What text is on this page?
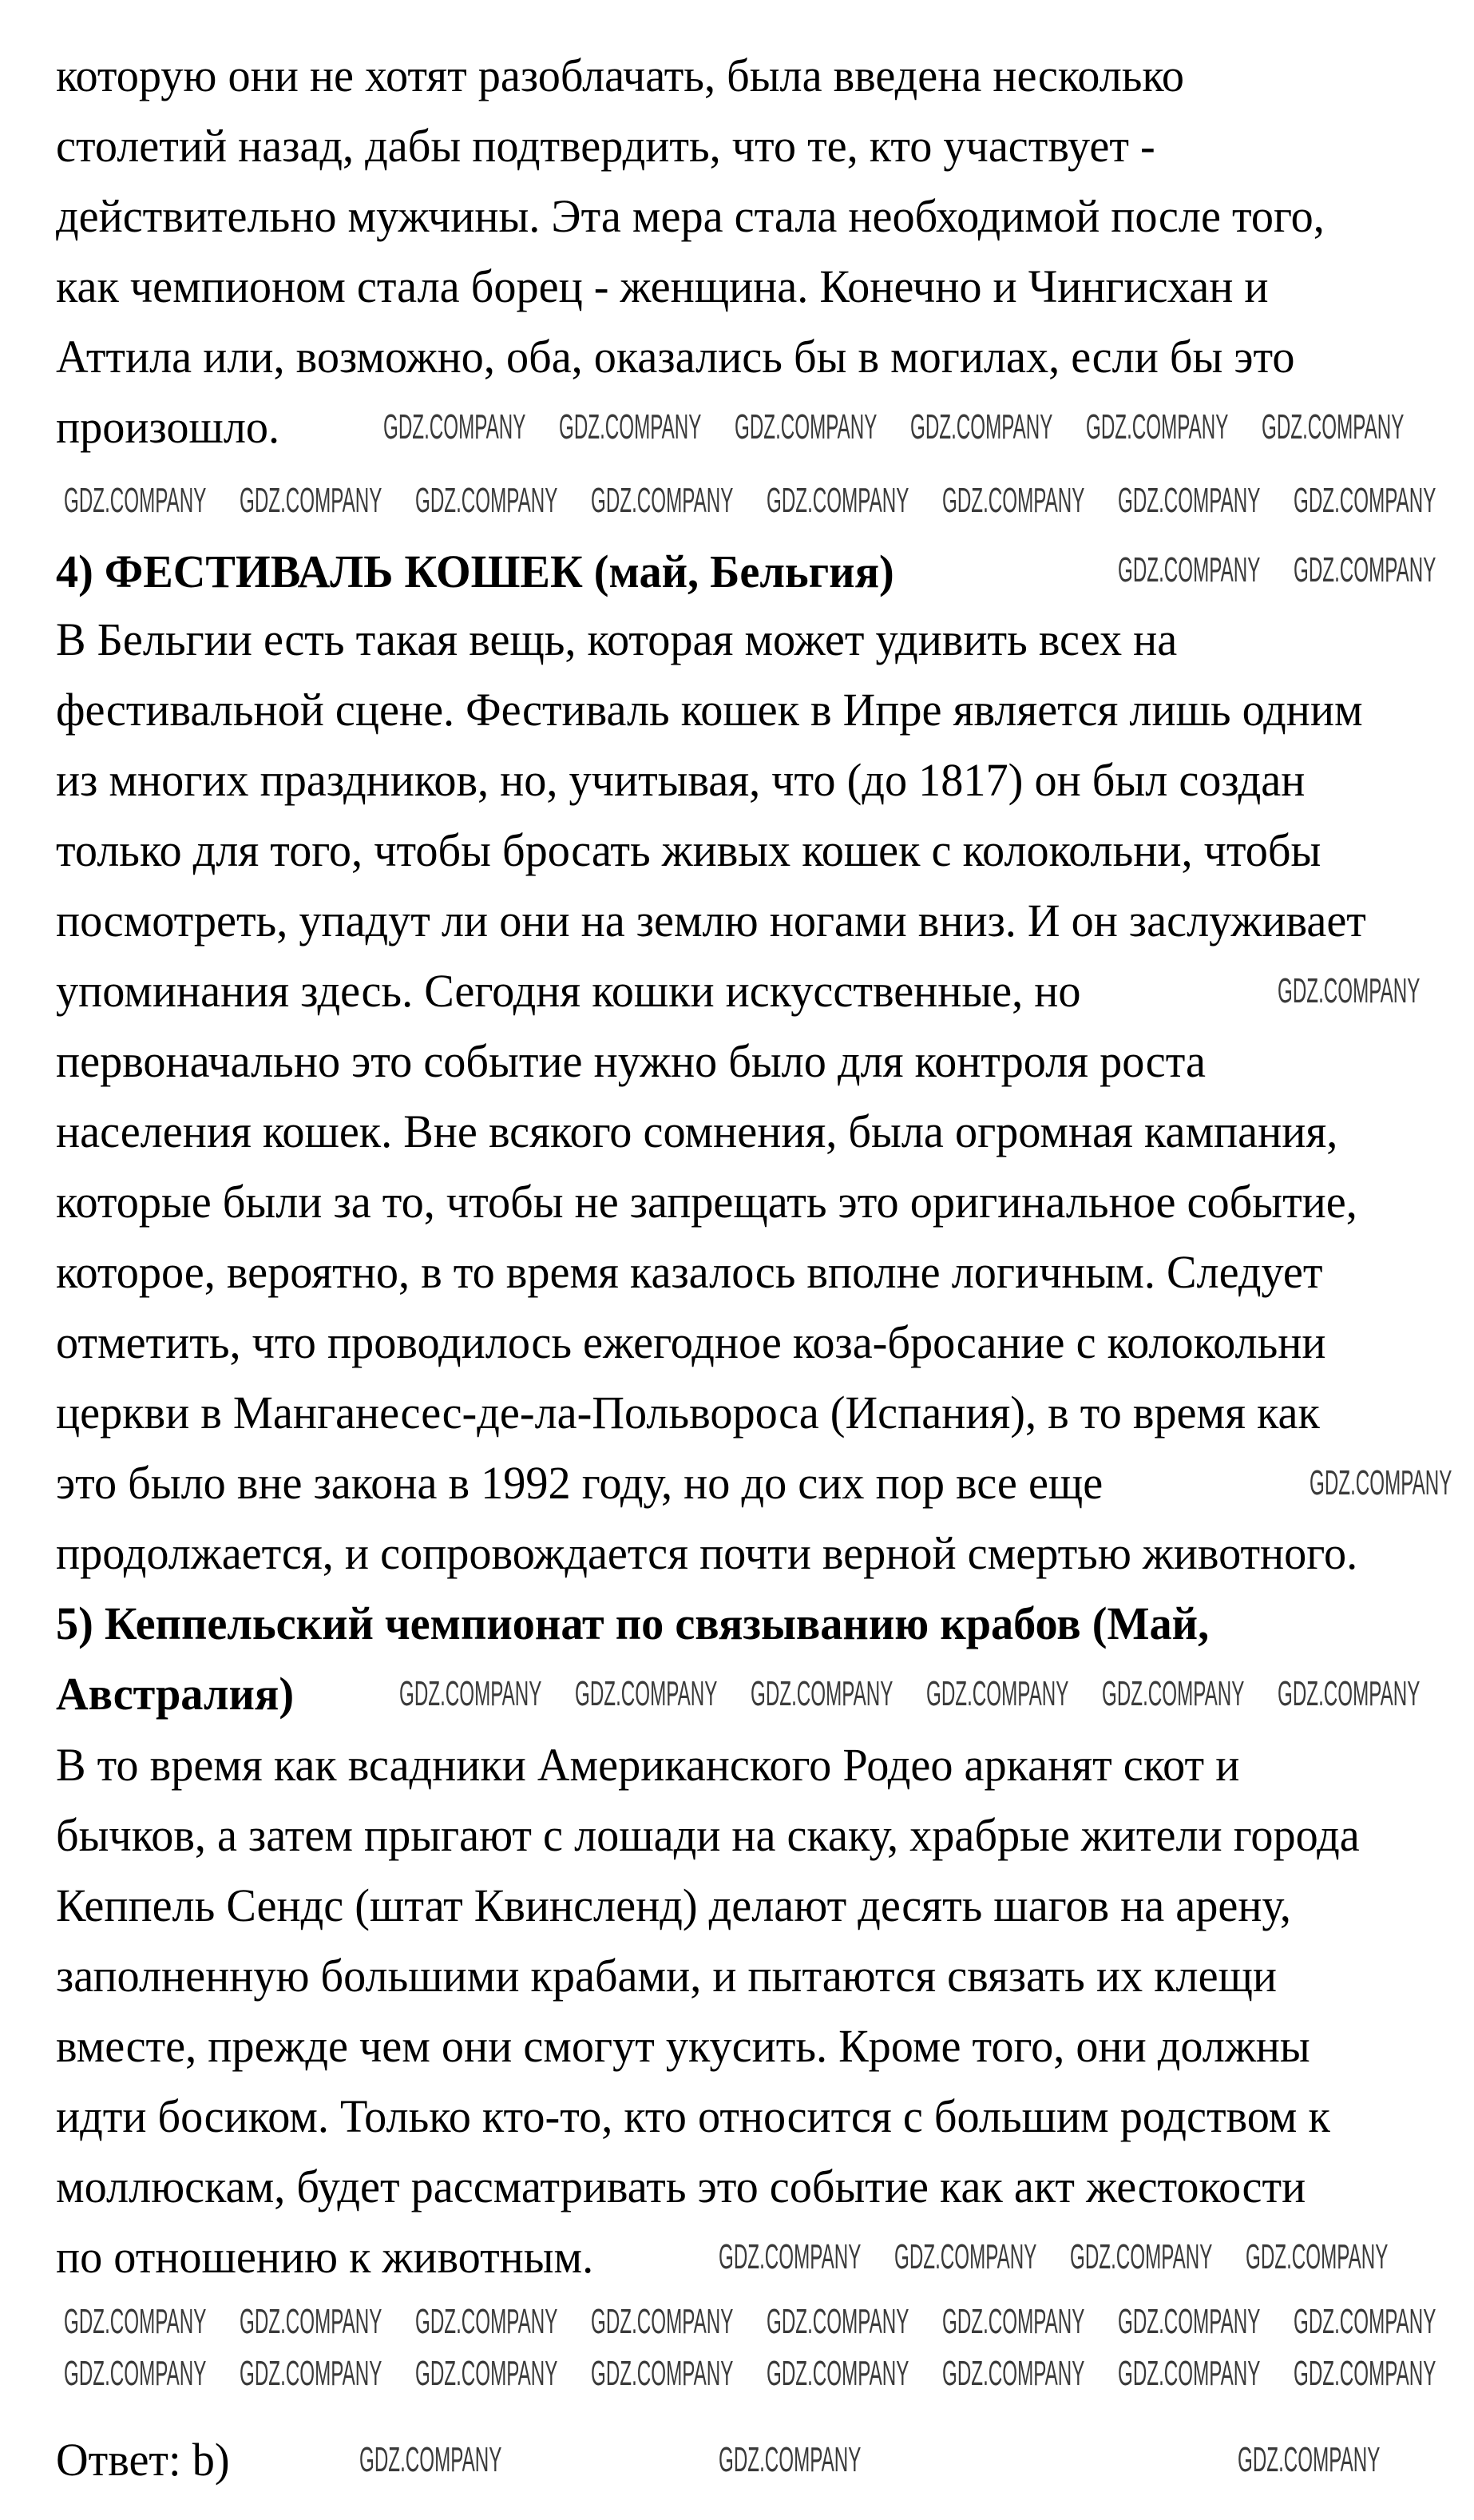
которую они не хотят разоблачать, была введена несколько
столетий назад, дабы подтвердить, что те, кто участвует -
действительно мужчины. Эта мера стала необходимой после того,
как чемпионом стала борец - женщина. Конечно и Чингисхан и
Аттила или, возможно, оба, оказались бы в могилах, если бы это
произошло.
4) ФЕСТИВАЛЬ КОШЕК (май, Бельгия)
В Бельгии есть такая вещь, которая может удивить всех на
фестивальной сцене. Фестиваль кошек в Ипре является лишь одним
из многих праздников, но, учитывая, что (до 1817) он был создан
только для того, чтобы бросать живых кошек с колокольни, чтобы
посмотреть, упадут ли они на землю ногами вниз. И он заслуживает
упоминания здесь. Сегодня кошки искусственные, но
первоначально это событие нужно было для контроля роста
населения кошек. Вне всякого сомнения, была огромная кампания,
которые были за то, чтобы не запрещать это оригинальное событие,
которое, вероятно, в то время казалось вполне логичным. Следует
отметить, что проводилось ежегодное коза-бросание с колокольни
церкви в Манганесес-де-ла-Польвороса (Испания), в то время как
это было вне закона в 1992 году, но до сих пор все еще
продолжается, и сопровождается почти верной смертью животного.
5) Кеппельский чемпионат по связыванию крабов (Май,
Австралия)
В то время как всадники Американского Родео арканят скот и
бычков, а затем прыгают с лошади на скаку, храбрые жители города
Кеппель Сендс (штат Квинсленд) делают десять шагов на арену,
заполненную большими крабами, и пытаются связать их клещи
вместе, прежде чем они смогут укусить. Кроме того, они должны
идти босиком. Только кто-то, кто относится с большим родством к
моллюскам, будет рассматривать это событие как акт жестокости
по отношению к животным.
Ответ: b)
GDZ.COMPANY GDZ.COMPANY GDZ.COMPANY GDZ.COMPANY GDZ.COMPANY GDZ.COMPANY
GDZ.COMPANY GDZ.COMPANY GDZ.COMPANY GDZ.COMPANY GDZ.COMPANY GDZ.COMPANY GDZ.COMPANY GDZ.COMPANY
GDZ.COMPANY GDZ.COMPANY
GDZ.COMPANY
GDZ.COMPANY
GDZ.COMPANY GDZ.COMPANY GDZ.COMPANY GDZ.COMPANY GDZ.COMPANY GDZ.COMPANY
GDZ.COMPANY GDZ.COMPANY GDZ.COMPANY GDZ.COMPANY
GDZ.COMPANY
GDZ.COMPANY
GDZ.COMPANY
GDZ.COMPANY
GDZ.COMPANY
GDZ.COMPANY
GDZ.COMPANY
GDZ.COMPANY
GDZ.COMPANY
GDZ.COMPANY
GDZ.COMPANY
GDZ.COMPANY
GDZ.COMPANY
GDZ.COMPANY
GDZ.COMPANY
GDZ.COMPANY
GDZ.COMPANY	GDZ.COMPANY	GDZ.COMPANY
